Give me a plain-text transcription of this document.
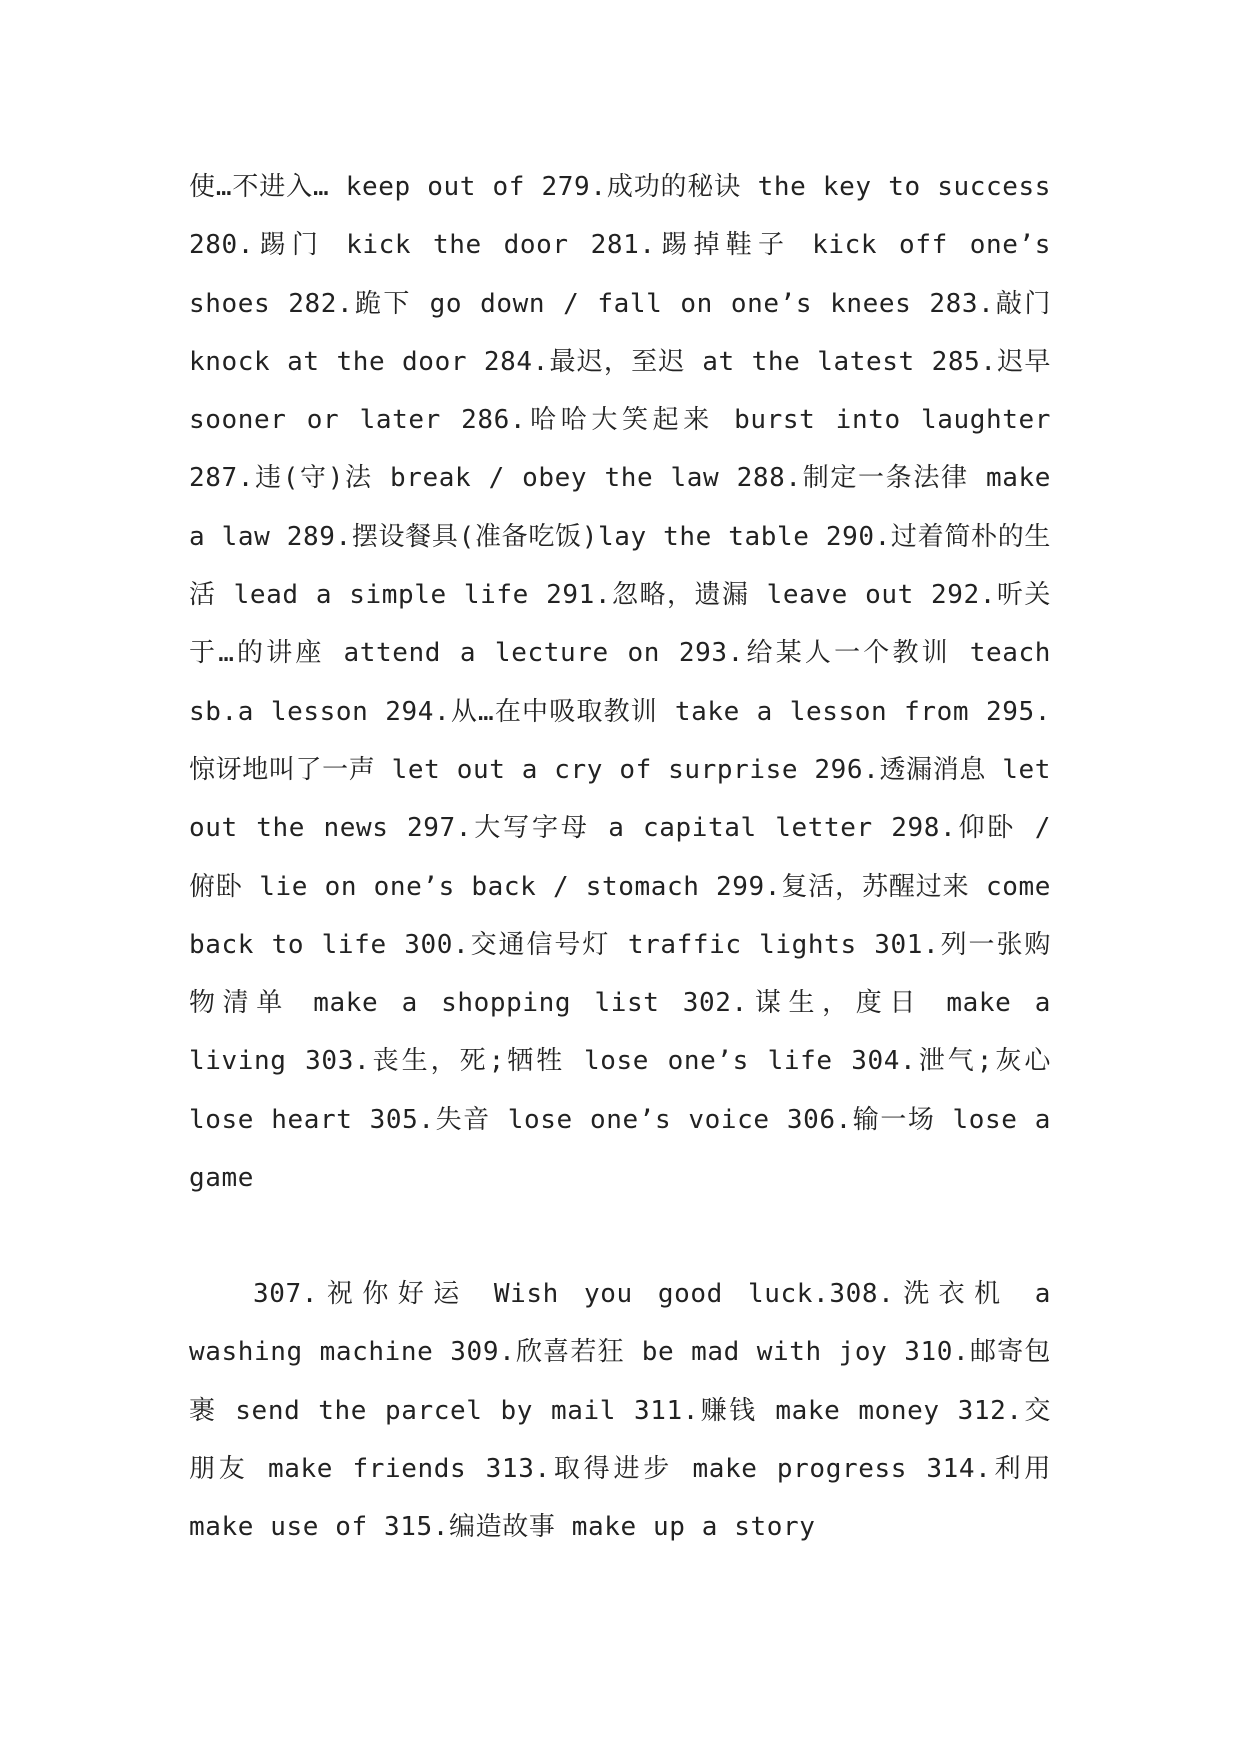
使…不进入… keep out of 279.成功的秘诀 the key to success 280.踢门 kick the door 281.踢掉鞋子 kick off one’s shoes 282.跪下 go down / fall on one’s knees 283.敲门 knock at the door 284.最迟，至迟 at the latest 285.迟早 sooner or later 286.哈哈大笑起来 burst into laughter 287.违(守)法 break / obey the law 288.制定一条法律 make a law 289.摆设餐具(准备吃饭)lay the table 290.过着简朴的生活 lead a simple life 291.忽略，遗漏 leave out 292.听关于…的讲座 attend a lecture on 293.给某人一个教训 teach sb.a lesson 294.从…在中吸取教训 take a lesson from 295.惊讶地叫了一声 let out a cry of surprise 296.透漏消息 let out the news 297.大写字母 a capital letter 298.仰卧 / 俯卧 lie on one’s back / stomach 299.复活，苏醒过来 come back to life 300.交通信号灯 traffic lights 301.列一张购物清单 make a shopping list 302.谋生，度日 make a living 303.丧生，死;牺牲 lose one’s life 304.泄气;灰心 lose heart 305.失音 lose one’s voice 306.输一场 lose a game

307.祝你好运 Wish you good luck.308.洗衣机 a washing machine 309.欣喜若狂 be mad with joy 310.邮寄包裹 send the parcel by mail 311.赚钱 make money 312.交朋友 make friends 313.取得进步 make progress 314.利用 make use of 315.编造故事 make up a story
